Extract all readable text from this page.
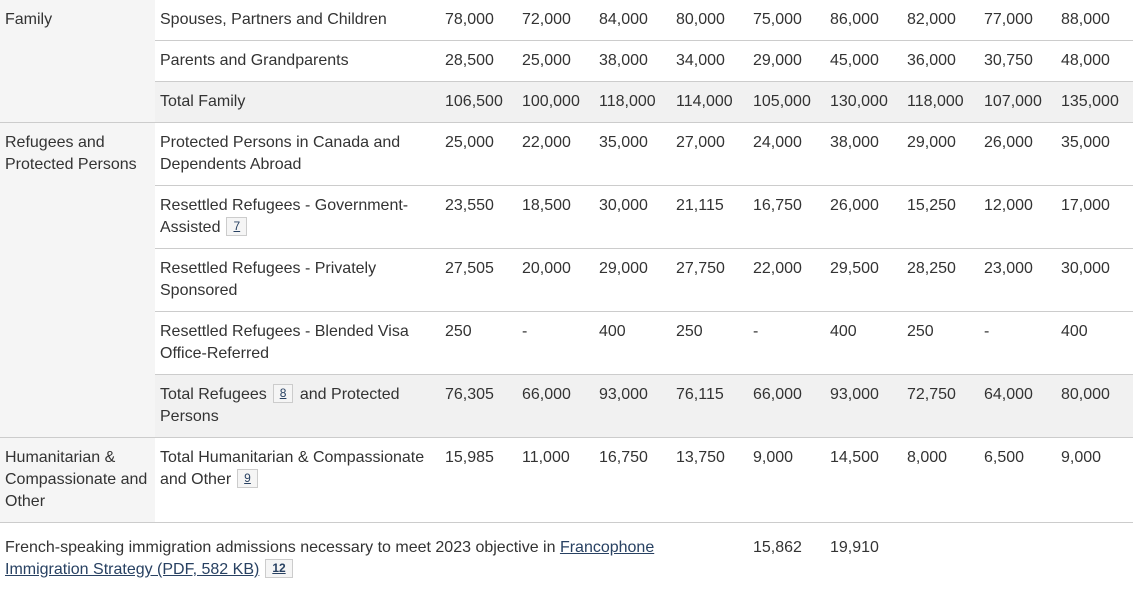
Family	Spouses, Partners and Children	78,000	72,000	84,000	80,000	75,000	86,000	82,000	77,000	88,000
	Parents and Grandparents	28,500	25,000	38,000	34,000	29,000	45,000	36,000	30,750	48,000
	Total Family	106,500	100,000	118,000	114,000	105,000	130,000	118,000	107,000	135,000
Refugees and Protected Persons	Protected Persons in Canada and Dependents Abroad	25,000	22,000	35,000	27,000	24,000	38,000	29,000	26,000	35,000
	Resettled Refugees - Government-Assisted 7	23,550	18,500	30,000	21,115	16,750	26,000	15,250	12,000	17,000
	Resettled Refugees - Privately Sponsored	27,505	20,000	29,000	27,750	22,000	29,500	28,250	23,000	30,000
	Resettled Refugees - Blended Visa Office-Referred	250	-	400	250	-	400	250	-	400
	Total Refugees 8 and Protected Persons	76,305	66,000	93,000	76,115	66,000	93,000	72,750	64,000	80,000
Humanitarian & Compassionate and Other	Total Humanitarian & Compassionate and Other 9	15,985	11,000	16,750	13,750	9,000	14,500	8,000	6,500	9,000
French-speaking immigration admissions necessary to meet 2023 objective in Francophone Immigration Strategy (PDF, 582 KB) 12						15,862	19,910			
